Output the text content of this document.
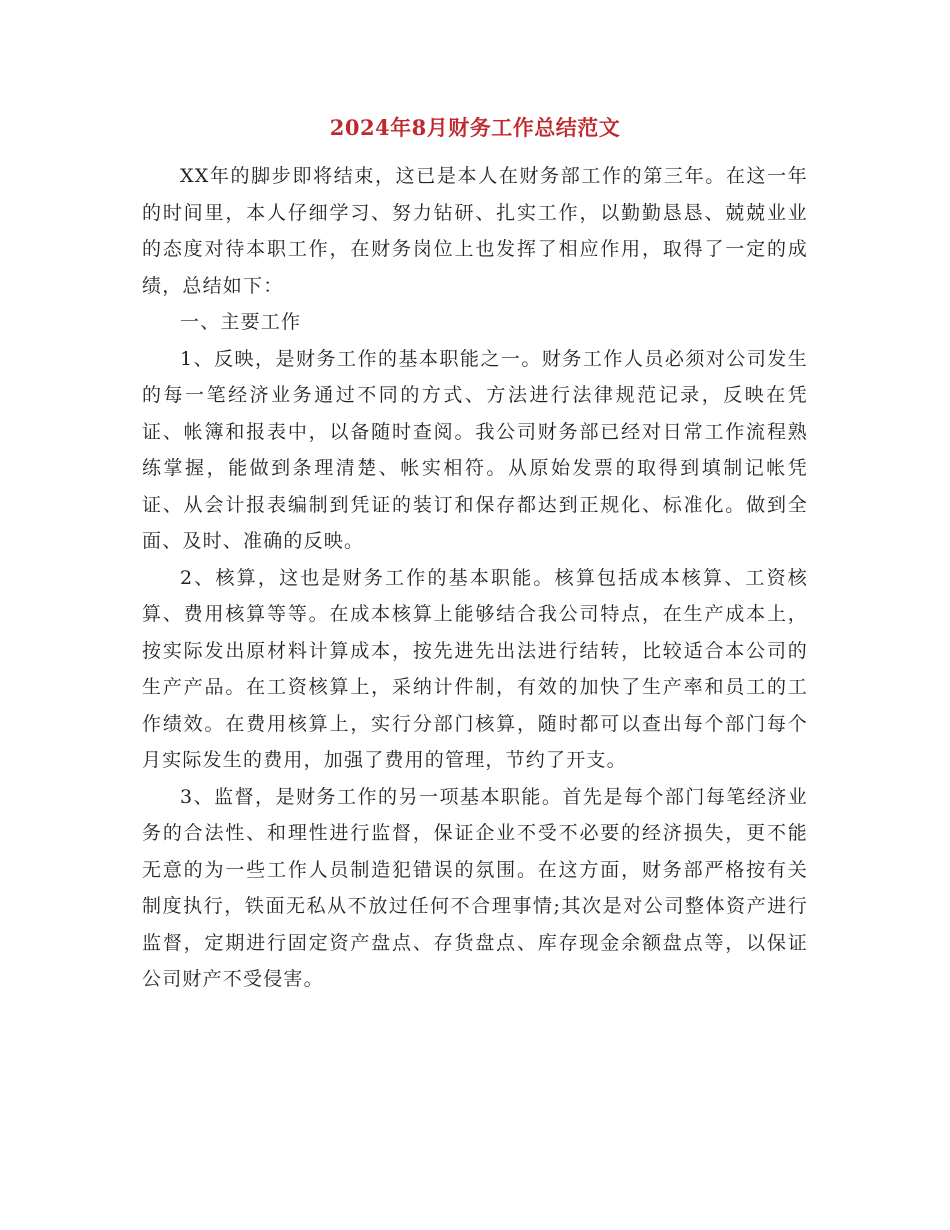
2024年8月财务工作总结范文

XX年的脚步即将结束，这已是本人在财务部工作的第三年。在这一年的时间里，本人仔细学习、努力钻研、扎实工作，以勤勤恳恳、兢兢业业的态度对待本职工作，在财务岗位上也发挥了相应作用，取得了一定的成绩，总结如下：

一、主要工作

1、反映，是财务工作的基本职能之一。财务工作人员必须对公司发生的每一笔经济业务通过不同的方式、方法进行法律规范记录，反映在凭证、帐簿和报表中，以备随时查阅。我公司财务部已经对日常工作流程熟练掌握，能做到条理清楚、帐实相符。从原始发票的取得到填制记帐凭证、从会计报表编制到凭证的装订和保存都达到正规化、标准化。做到全面、及时、准确的反映。

2、核算，这也是财务工作的基本职能。核算包括成本核算、工资核算、费用核算等等。在成本核算上能够结合我公司特点，在生产成本上，按实际发出原材料计算成本，按先进先出法进行结转，比较适合本公司的生产产品。在工资核算上，采纳计件制，有效的加快了生产率和员工的工作绩效。在费用核算上，实行分部门核算，随时都可以查出每个部门每个月实际发生的费用，加强了费用的管理，节约了开支。

3、监督，是财务工作的另一项基本职能。首先是每个部门每笔经济业务的合法性、和理性进行监督，保证企业不受不必要的经济损失，更不能无意的为一些工作人员制造犯错误的氛围。在这方面，财务部严格按有关制度执行，铁面无私从不放过任何不合理事情;其次是对公司整体资产进行监督，定期进行固定资产盘点、存货盘点、库存现金余额盘点等，以保证公司财产不受侵害。
